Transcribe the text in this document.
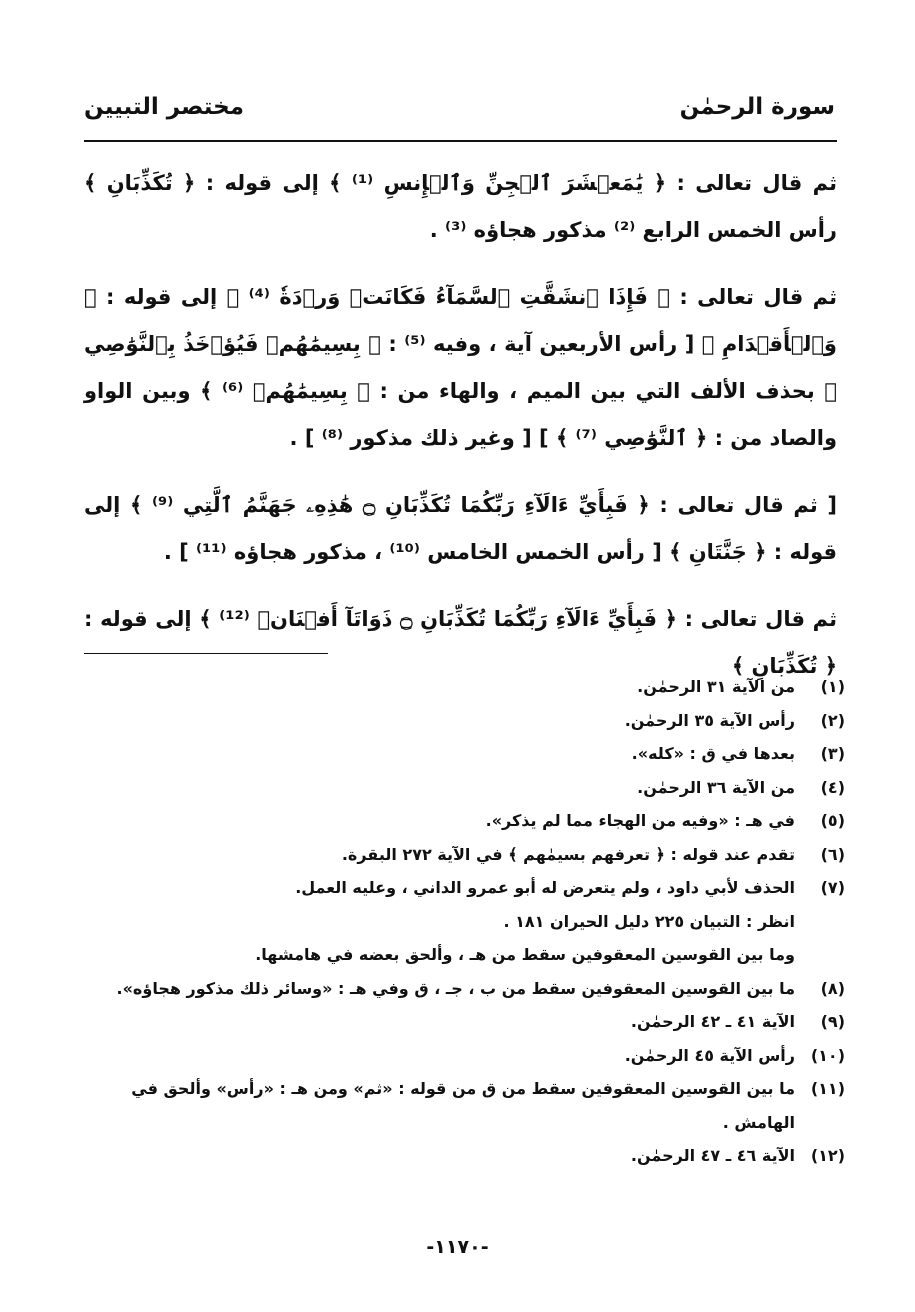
سورة الرحمٰن
مختصر التبيين

ثم قال تعالى : ﴿ يَٰمَعۡشَرَ ٱلۡجِنِّ وَٱلۡإِنسِ ⁽¹⁾ ﴾ إلى قوله : ﴿ تُكَذِّبَانِ ﴾ رأس الخمس الرابع ⁽²⁾ مذكور هجاؤه ⁽³⁾ .

ثم قال تعالى : ﴿ فَإِذَا ٱنشَقَّتِ ٱلسَّمَآءُ فَكَانَتۡ وَرۡدَةٗ ⁽⁴⁾ ﴾ إلى قوله : ﴿ وَٱلۡأَقۡدَامِ ﴾ [ رأس الأربعين آية ، وفيه ⁽⁵⁾ : ﴿ بِسِيمَٰهُمۡ فَيُؤۡخَذُ بِٱلنَّوَٰصِي ﴾ بحذف الألف التي بين الميم ، والهاء من : ﴿ بِسِيمَٰهُمۡ ⁽⁶⁾ ﴾ وبين الواو والصاد من : ﴿ ٱلنَّوَٰصِي ⁽⁷⁾ ﴾ ] [ وغير ذلك مذكور ⁽⁸⁾ ] .

[ ثم قال تعالى : ﴿ فَبِأَيِّ ءَالَآءِ رَبِّكُمَا تُكَذِّبَانِ ۝ هَٰذِهِۦ جَهَنَّمُ ٱلَّتِي ⁽⁹⁾ ﴾ إلى قوله : ﴿ جَنَّتَانِ ﴾ [ رأس الخمس الخامس ⁽¹⁰⁾ ، مذكور هجاؤه ⁽¹¹⁾ ] .

ثم قال تعالى : ﴿ فَبِأَيِّ ءَالَآءِ رَبِّكُمَا تُكَذِّبَانِ ۝ ذَوَاتَآ أَفۡنَانٖ ⁽¹²⁾ ﴾ إلى قوله : ﴿ تُكَذِّبَانِ ﴾

(١)
من الآية ٣١ الرحمٰن.
(٢)
رأس الآية ٣٥ الرحمٰن.
(٣)
بعدها في ق : «كله».
(٤)
من الآية ٣٦ الرحمٰن.
(٥)
في هـ : «وفيه من الهجاء مما لم يذكر».
(٦)
تقدم عند قوله : ﴿ تعرفهم بسيمٰهم ﴾ في الآية ٢٧٢ البقرة.
(٧)
الحذف لأبي داود ، ولم يتعرض له أبو عمرو الداني ، وعليه العمل.
انظر : التبيان ٢٢٥ دليل الحيران ١٨١ .
وما بين القوسين المعقوفين سقط من هـ ، وألحق بعضه في هامشها.
(٨)
ما بين القوسين المعقوفين سقط من ب ، جـ ، ق وفي هـ : «وسائر ذلك مذكور هجاؤه».
(٩)
الآية ٤١ ـ ٤٢ الرحمٰن.
(١٠)
رأس الآية ٤٥ الرحمٰن.
(١١)
ما بين القوسين المعقوفين سقط من ق من قوله : «ثم» ومن هـ : «رأس» وألحق في الهامش .
(١٢)
الآية ٤٦ ـ ٤٧ الرحمٰن.
-١١٧٠-
